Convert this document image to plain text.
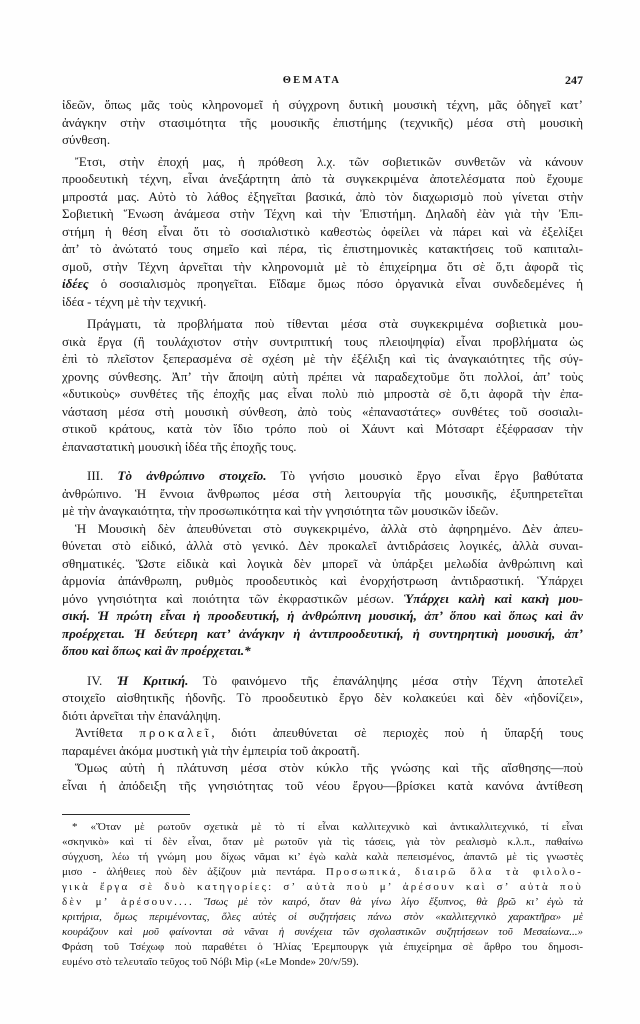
ΘΕΜΑΤΑ	247
ἰδεῶν, ὅπως μᾶς τοὺς κληρονομεῖ ἡ σύγχρονη δυτικὴ μουσικὴ τέχνη, μᾶς ὁδηγεῖ κατ’
ἀνάγκην στὴν στασιμότητα τῆς μουσικῆς ἐπιστήμης (τεχνικῆς) μέσα στὴ μουσικὴ
σύνθεση.
Ἔτσι, στὴν ἐποχή μας, ἡ πρόθεση λ.χ. τῶν σοβιετικῶν συνθετῶν νὰ κάνουν
προοδευτικὴ τέχνη, εἶναι ἀνεξάρτητη ἀπὸ τὰ συγκεκριμένα ἀποτελέσματα ποὺ ἔχουμε
μπροστά μας. Αὐτὸ τὸ λάθος ἐξηγεῖται βασικά, ἀπὸ τὸν διαχωρισμὸ ποὺ γίνεται στὴν
Σοβιετικὴ Ἕνωση ἀνάμεσα στὴν Τέχνη καὶ τὴν Ἐπιστήμη. Δηλαδὴ ἐὰν γιὰ τὴν Ἐπι-
στήμη ἡ θέση εἶναι ὅτι τὸ σοσιαλιστικὸ καθεστὼς ὀφείλει νὰ πάρει καὶ νὰ ἐξελίξει
ἀπ’ τὸ ἀνώτατό τους σημεῖο καὶ πέρα, τὶς ἐπιστημονικὲς κατακτήσεις τοῦ καπιταλι-
σμοῦ, στὴν Τέχνη ἀρνεῖται τὴν κληρονομιὰ μὲ τὸ ἐπιχείρημα ὅτι σὲ ὅ,τι ἀφορᾶ τὶς
ἰδέες ὁ σοσιαλισμὸς προηγεῖται. Εἴδαμε ὅμως πόσο ὀργανικὰ εἶναι συνδεδεμένες ἡ
ἰδέα - τέχνη μὲ τὴν τεχνική.
Πράγματι, τὰ προβλήματα ποὺ τίθενται μέσα στὰ συγκεκριμένα σοβιετικὰ μου-
σικὰ ἔργα (ἢ τουλάχιστον στὴν συντριπτική τους πλειοψηφία) εἶναι προβλήματα ὡς
ἐπὶ τὸ πλεῖστον ξεπερασμένα σὲ σχέση μὲ τὴν ἐξέλιξη καὶ τὶς ἀναγκαιότητες τῆς σύγ-
χρονης σύνθεσης. Ἀπ’ τὴν ἄποψη αὐτὴ πρέπει νὰ παραδεχτοῦμε ὅτι πολλοί, ἀπ’ τοὺς
«δυτικοὺς» συνθέτες τῆς ἐποχῆς μας εἶναι πολὺ πιὸ μπροστὰ σὲ ὅ,τι ἀφορᾶ τὴν ἐπα-
νάσταση μέσα στὴ μουσικὴ σύνθεση, ἀπὸ τοὺς «ἐπαναστάτες» συνθέτες τοῦ σοσιαλι-
στικοῦ κράτους, κατὰ τὸν ἴδιο τρόπο ποὺ οἱ Χάυντ καὶ Μότσαρτ ἐξέφρασαν τὴν
ἐπαναστατικὴ μουσικὴ ἰδέα τῆς ἐποχῆς τους.
III. Τὸ ἀνθρώπινο στοιχεῖο. Τὸ γνήσιο μουσικὸ ἔργο εἶναι ἔργο βαθύτατα
ἀνθρώπινο. Ἡ ἔννοια ἄνθρωπος μέσα στὴ λειτουργία τῆς μουσικῆς, ἐξυπηρετεῖται
μὲ τὴν ἀναγκαιότητα, τὴν προσωπικότητα καὶ τὴν γνησιότητα τῶν μουσικῶν ἰδεῶν.
Ἡ Μουσικὴ δὲν ἀπευθύνεται στὸ συγκεκριμένο, ἀλλὰ στὸ ἀφηρημένο. Δὲν ἀπευ-
θύνεται στὸ εἰδικό, ἀλλὰ στὸ γενικό. Δὲν προκαλεῖ ἀντιδράσεις λογικές, ἀλλὰ συναι-
σθηματικές. Ὥστε εἰδικὰ καὶ λογικὰ δὲν μπορεῖ νὰ ὑπάρξει μελωδία ἀνθρώπινη καὶ
ἁρμονία ἀπάνθρωπη, ρυθμὸς προοδευτικὸς καὶ ἐνορχήστρωση ἀντιδραστική. Ὑπάρχει
μόνο γνησιότητα καὶ ποιότητα τῶν ἐκφραστικῶν μέσων. Ὑπάρχει καλὴ καὶ κακὴ μου-
σική. Ἡ πρώτη εἶναι ἡ προοδευτική, ἡ ἀνθρώπινη μουσική, ἀπ’ ὅπου καὶ ὅπως καὶ ἂν
προέρχεται. Ἡ δεύτερη κατ’ ἀνάγκην ἡ ἀντιπροοδευτική, ἡ συντηρητικὴ μουσική, ἀπ’
ὅπου καὶ ὅπως καὶ ἂν προέρχεται.*
IV. Ἡ Κριτική. Τὸ φαινόμενο τῆς ἐπανάληψης μέσα στὴν Τέχνη ἀποτελεῖ
στοιχεῖο αἰσθητικῆς ἡδονῆς. Τὸ προοδευτικὸ ἔργο δὲν κολακεύει καὶ δὲν «ἡδονίζει»,
διότι ἀρνεῖται τὴν ἐπανάληψη.
Ἀντίθετα προκαλεῖ, διότι ἀπευθύνεται σὲ περιοχὲς ποὺ ἡ ὕπαρξή τους
παραμένει ἀκόμα μυστικὴ γιὰ τὴν ἐμπειρία τοῦ ἀκροατῆ.
Ὅμως αὐτὴ ἡ πλάτυνση μέσα στὸν κύκλο τῆς γνώσης καὶ τῆς αἴσθησης—ποὺ
εἶναι ἡ ἀπόδειξη τῆς γνησιότητας τοῦ νέου ἔργου—βρίσκει κατὰ κανόνα ἀντίθεση
* «Ὅταν μὲ ρωτοῦν σχετικὰ μὲ τὸ τί εἶναι καλλιτεχνικὸ καὶ ἀντικαλλιτεχνικό, τί εἶναι
«σκηνικὸ» καὶ τί δὲν εἶναι, ὅταν μὲ ρωτοῦν γιὰ τὶς τάσεις, γιὰ τὸν ρεαλισμὸ κ.λ.π., παθαίνω
σύγχυση, λέω τή γνώμη μου δίχως νᾶμαι κι’ ἐγὼ καλὰ καλὰ πεπεισμένος, ἀπαντῶ μὲ τὶς γνωστὲς
μισο - ἀλήθειες ποὺ δὲν ἀξίζουν μιὰ πεντάρα. Προσωπικά, διαιρῶ ὅλα τὰ φιλολο-
γικὰ ἔργα σὲ δυὸ κατηγορίες: σ’ αὐτὰ ποὺ μ’ ἀρέσουν καὶ σ’ αὐτὰ ποὺ
δὲν μ’ ἀρέσουν.... Ἴσως μὲ τὸν καιρό, ὅταν θὰ γίνω λίγο ἔξυπνος, θὰ βρῶ κι’ ἐγὼ τὰ
κριτήρια, ὅμως περιμένοντας, ὅλες αὐτὲς οἱ συζητήσεις πάνω στὸν «καλλιτεχνικὸ χαρακτῆρα» μὲ
κουράζουν καὶ μοῦ φαίνονται σὰ νᾶναι ἡ συνέχεια τῶν σχολαστικῶν συζητήσεων τοῦ Μεσαίωνα...»
Φράση τοῦ Τσέχωφ ποὺ παραθέτει ὁ Ἠλίας Ἐρεμπουργκ γιὰ ἐπιχείρημα σὲ ἄρθρο του δημοσι-
ευμένο στὸ τελευταῖο τεῦχος τοῦ Νόβι Μὶρ («Le Monde» 20/v/59).
